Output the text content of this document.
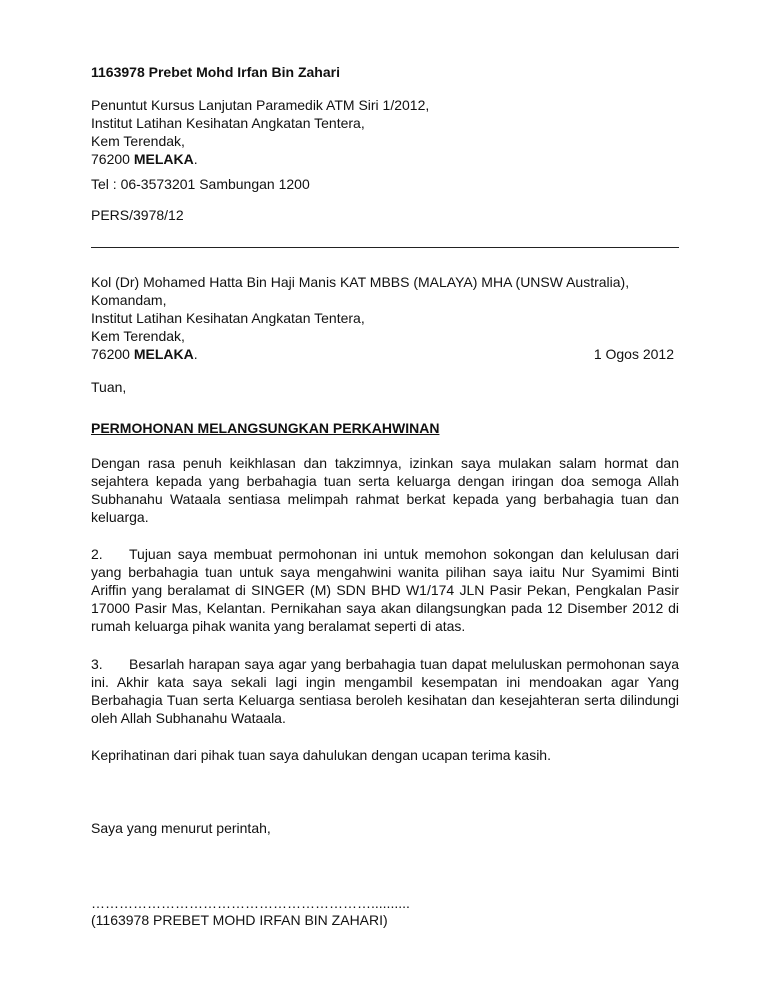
1163978 Prebet Mohd Irfan Bin Zahari
Penuntut Kursus Lanjutan Paramedik ATM Siri 1/2012,
Institut Latihan Kesihatan Angkatan Tentera,
Kem Terendak,
76200 MELAKA.
Tel : 06-3573201 Sambungan 1200
PERS/3978/12
Kol (Dr) Mohamed Hatta Bin Haji Manis KAT MBBS (MALAYA) MHA (UNSW Australia),
Komandam,
Institut Latihan Kesihatan Angkatan Tentera,
Kem Terendak,
76200 MELAKA.	1 Ogos 2012
Tuan,
PERMOHONAN MELANGSUNGKAN PERKAHWINAN
Dengan rasa penuh keikhlasan dan takzimnya, izinkan saya mulakan salam hormat dan sejahtera kepada yang berbahagia tuan serta keluarga dengan iringan doa semoga Allah Subhanahu Wataala sentiasa melimpah rahmat berkat kepada yang berbahagia tuan dan keluarga.
2. Tujuan saya membuat permohonan ini untuk memohon sokongan dan kelulusan dari yang berbahagia tuan untuk saya mengahwini wanita pilihan saya iaitu Nur Syamimi Binti Ariffin yang beralamat di SINGER (M) SDN BHD W1/174 JLN Pasir Pekan, Pengkalan Pasir 17000 Pasir Mas, Kelantan. Pernikahan saya akan dilangsungkan pada 12 Disember 2012 di rumah keluarga pihak wanita yang beralamat seperti di atas.
3. Besarlah harapan saya agar yang berbahagia tuan dapat meluluskan permohonan saya ini. Akhir kata saya sekali lagi ingin mengambil kesempatan ini mendoakan agar Yang Berbahagia Tuan serta Keluarga sentiasa beroleh kesihatan dan kesejahteran serta dilindungi oleh Allah Subhanahu Wataala.
Keprihatinan dari pihak tuan saya dahulukan dengan ucapan terima kasih.
Saya yang menurut perintah,
……………………………………………………..........
(1163978 PREBET MOHD IRFAN BIN ZAHARI)
